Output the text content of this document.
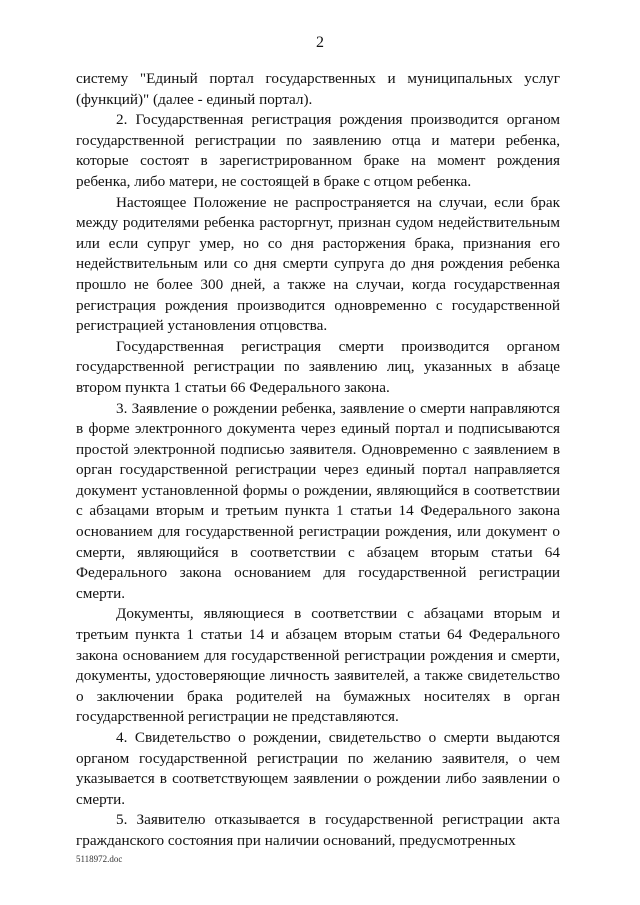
2

систему "Единый портал государственных и муниципальных услуг (функций)" (далее - единый портал).

2. Государственная регистрация рождения производится органом государственной регистрации по заявлению отца и матери ребенка, которые состоят в зарегистрированном браке на момент рождения ребенка, либо матери, не состоящей в браке с отцом ребенка.

Настоящее Положение не распространяется на случаи, если брак между родителями ребенка расторгнут, признан судом недействительным или если супруг умер, но со дня расторжения брака, признания его недействительным или со дня смерти супруга до дня рождения ребенка прошло не более 300 дней, а также на случаи, когда государственная регистрация рождения производится одновременно с государственной регистрацией установления отцовства.

Государственная регистрация смерти производится органом государственной регистрации по заявлению лиц, указанных в абзаце втором пункта 1 статьи 66 Федерального закона.

3. Заявление о рождении ребенка, заявление о смерти направляются в форме электронного документа через единый портал и подписываются простой электронной подписью заявителя. Одновременно с заявлением в орган государственной регистрации через единый портал направляется документ установленной формы о рождении, являющийся в соответствии с абзацами вторым и третьим пункта 1 статьи 14 Федерального закона основанием для государственной регистрации рождения, или документ о смерти, являющийся в соответствии с абзацем вторым статьи 64 Федерального закона основанием для государственной регистрации смерти.

Документы, являющиеся в соответствии с абзацами вторым и третьим пункта 1 статьи 14 и абзацем вторым статьи 64 Федерального закона основанием для государственной регистрации рождения и смерти, документы, удостоверяющие личность заявителей, а также свидетельство о заключении брака родителей на бумажных носителях в орган государственной регистрации не представляются.

4. Свидетельство о рождении, свидетельство о смерти выдаются органом государственной регистрации по желанию заявителя, о чем указывается в соответствующем заявлении о рождении либо заявлении о смерти.

5. Заявителю отказывается в государственной регистрации акта гражданского состояния при наличии оснований, предусмотренных

5118972.doc
